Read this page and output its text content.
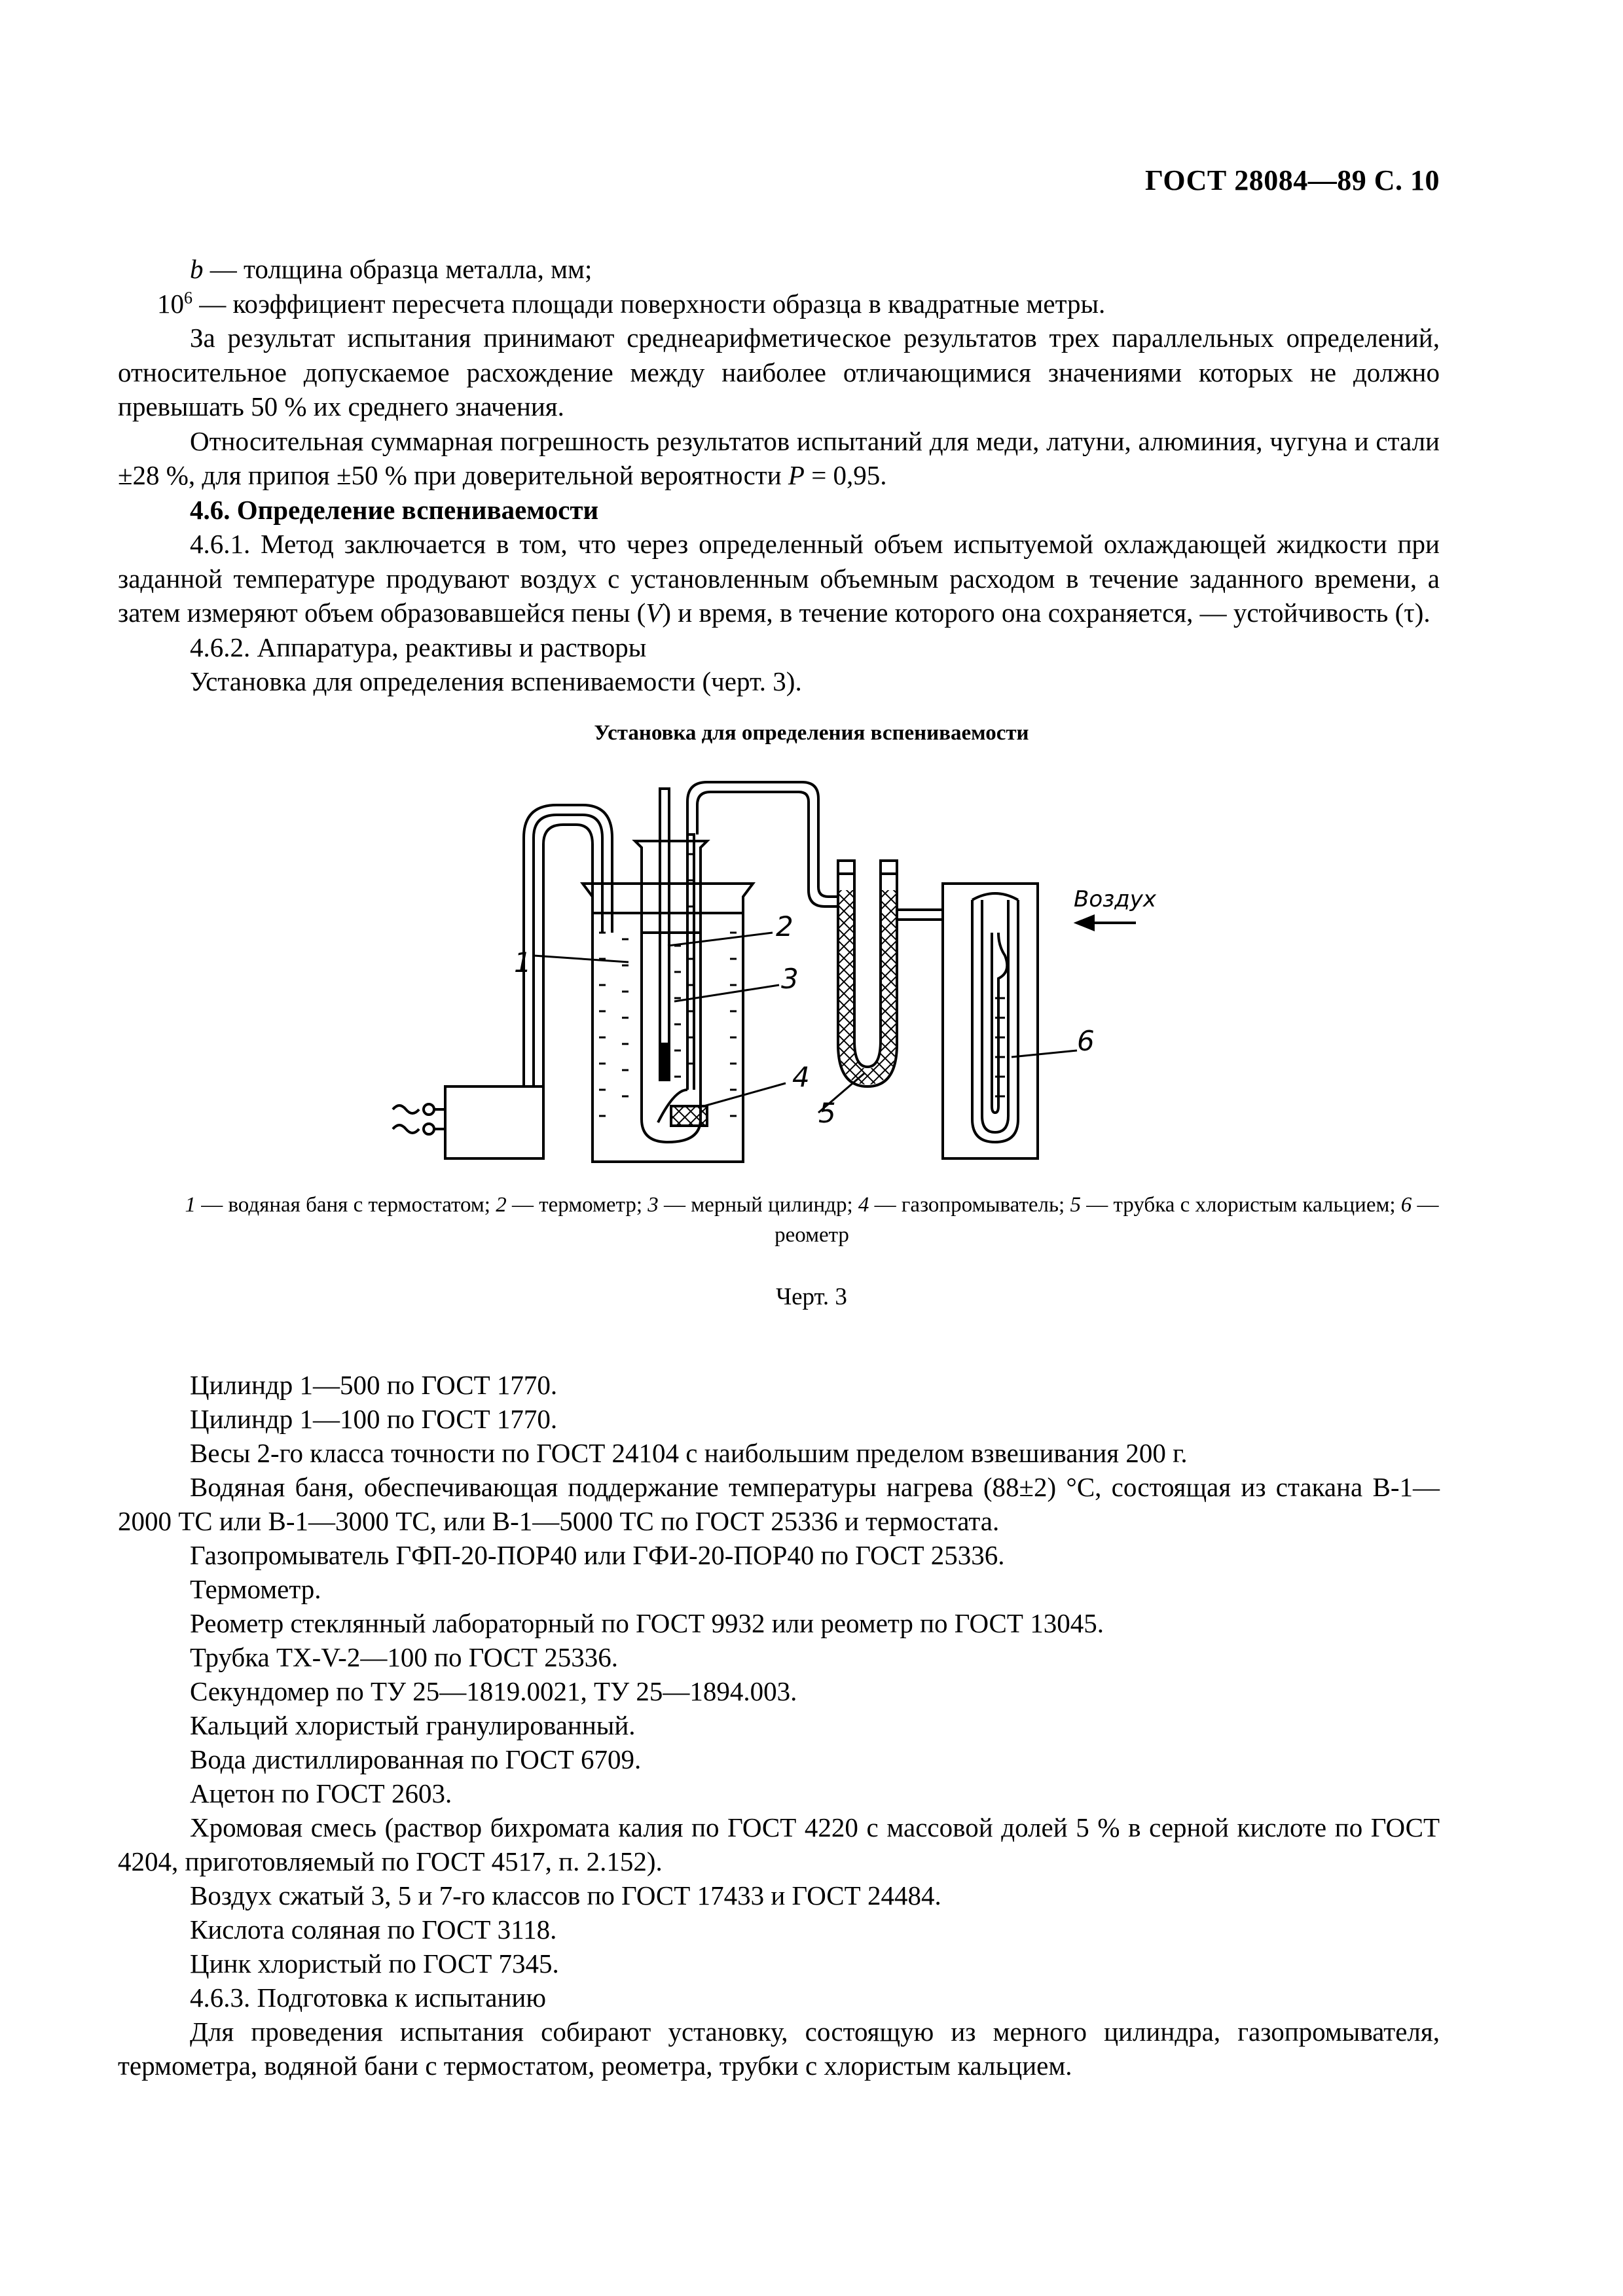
ГОСТ 28084—89 С. 10

b — толщина образца металла, мм;

$10^6$ — коэффициент пересчета площади поверхности образца в квадратные метры.

За результат испытания принимают среднеарифметическое результатов трех параллельных определений, относительное допускаемое расхождение между наиболее отличающимися значениями которых не должно превышать 50 % их среднего значения.

Относительная суммарная погрешность результатов испытаний для меди, латуни, алюминия, чугуна и стали ±28 %, для припоя ±50 % при доверительной вероятности P = 0,95.

4.6. Определение вспениваемости

4.6.1. Метод заключается в том, что через определенный объем испытуемой охлаждающей жидкости при заданной температуре продувают воздух с установленным объемным расходом в течение заданного времени, а затем измеряют объем образовавшейся пены (V) и время, в течение которого она сохраняется, — устойчивость (τ).

4.6.2. Аппаратура, реактивы и растворы

Установка для определения вспениваемости (черт. 3).

Установка для определения вспениваемости
1
2
3
4
5
6
Воздух
1 — водяная баня с термостатом; 2 — термометр; 3 — мерный цилиндр; 4 — газопромыватель; 5 — трубка с хлористым кальцием; 6 — реометр
Черт. 3

Цилиндр 1—500 по ГОСТ 1770.

Цилиндр 1—100 по ГОСТ 1770.

Весы 2-го класса точности по ГОСТ 24104 с наибольшим пределом взвешивания 200 г.

Водяная баня, обеспечивающая поддержание температуры нагрева (88±2) °С, состоящая из стакана В-1—2000 ТС или В-1—3000 ТС, или В-1—5000 ТС по ГОСТ 25336 и термостата.

Газопромыватель ГФП-20-ПОР40 или ГФИ-20-ПОР40 по ГОСТ 25336.

Термометр.

Реометр стеклянный лабораторный по ГОСТ 9932 или реометр по ГОСТ 13045.

Трубка ТХ-V-2—100 по ГОСТ 25336.

Секундомер по ТУ 25—1819.0021, ТУ 25—1894.003.

Кальций хлористый гранулированный.

Вода дистиллированная по ГОСТ 6709.

Ацетон по ГОСТ 2603.

Хромовая смесь (раствор бихромата калия по ГОСТ 4220 с массовой долей 5 % в серной кислоте по ГОСТ 4204, приготовляемый по ГОСТ 4517, п. 2.152).

Воздух сжатый 3, 5 и 7-го классов по ГОСТ 17433 и ГОСТ 24484.

Кислота соляная по ГОСТ 3118.

Цинк хлористый по ГОСТ 7345.

4.6.3. Подготовка к испытанию

Для проведения испытания собирают установку, состоящую из мерного цилиндра, газопромывателя, термометра, водяной бани с термостатом, реометра, трубки с хлористым кальцием.
